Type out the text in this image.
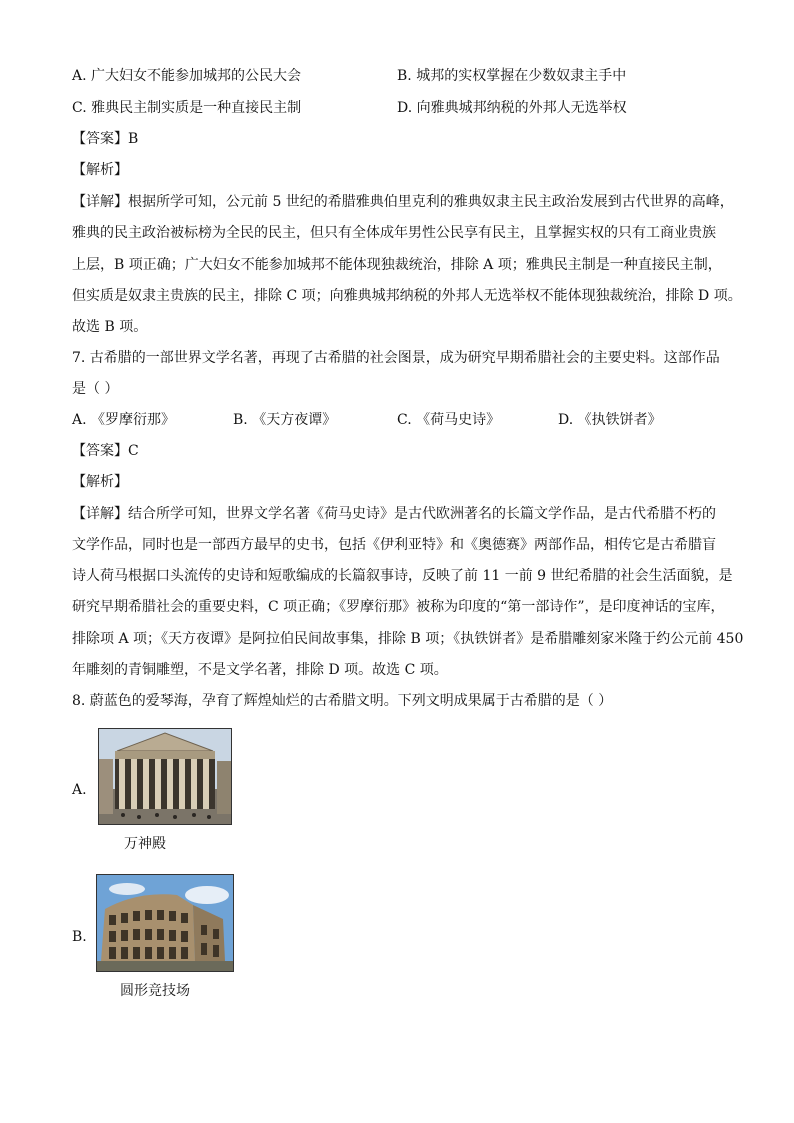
A. 广大妇女不能参加城邦的公民大会	B. 城邦的实权掌握在少数奴隶主手中
C. 雅典民主制实质是一种直接民主制	D. 向雅典城邦纳税的外邦人无选举权
【答案】B
【解析】
【详解】根据所学可知，公元前 5 世纪的希腊雅典伯里克利的雅典奴隶主民主政治发展到古代世界的高峰，
雅典的民主政治被标榜为全民的民主，但只有全体成年男性公民享有民主，且掌握实权的只有工商业贵族
上层，B 项正确；广大妇女不能参加城邦不能体现独裁统治，排除 A 项；雅典民主制是一种直接民主制，
但实质是奴隶主贵族的民主，排除 C 项；向雅典城邦纳税的外邦人无选举权不能体现独裁统治，排除 D 项。
故选 B 项。
7. 古希腊的一部世界文学名著，再现了古希腊的社会图景，成为研究早期希腊社会的主要史料。这部作品
是（ ）
A. 《罗摩衍那》	B. 《天方夜谭》	C. 《荷马史诗》	D. 《执铁饼者》
【答案】C
【解析】
【详解】结合所学可知，世界文学名著《荷马史诗》是古代欧洲著名的长篇文学作品，是古代希腊不朽的
文学作品，同时也是一部西方最早的史书，包括《伊利亚特》和《奥德赛》两部作品，相传它是古希腊盲
诗人荷马根据口头流传的史诗和短歌编成的长篇叙事诗，反映了前 11 一前 9 世纪希腊的社会生活面貌，是
研究早期希腊社会的重要史料，C 项正确；《罗摩衍那》被称为印度的“第一部诗作”，是印度神话的宝库，
排除项 A 项；《天方夜谭》是阿拉伯民间故事集，排除 B 项；《执铁饼者》是希腊雕刻家米隆于约公元前 450
年雕刻的青铜雕塑，不是文学名著，排除 D 项。故选 C 项。
8. 蔚蓝色的爱琴海，孕育了辉煌灿烂的古希腊文明。下列文明成果属于古希腊的是（ ）
A.
万神殿
B.
圆形竞技场
